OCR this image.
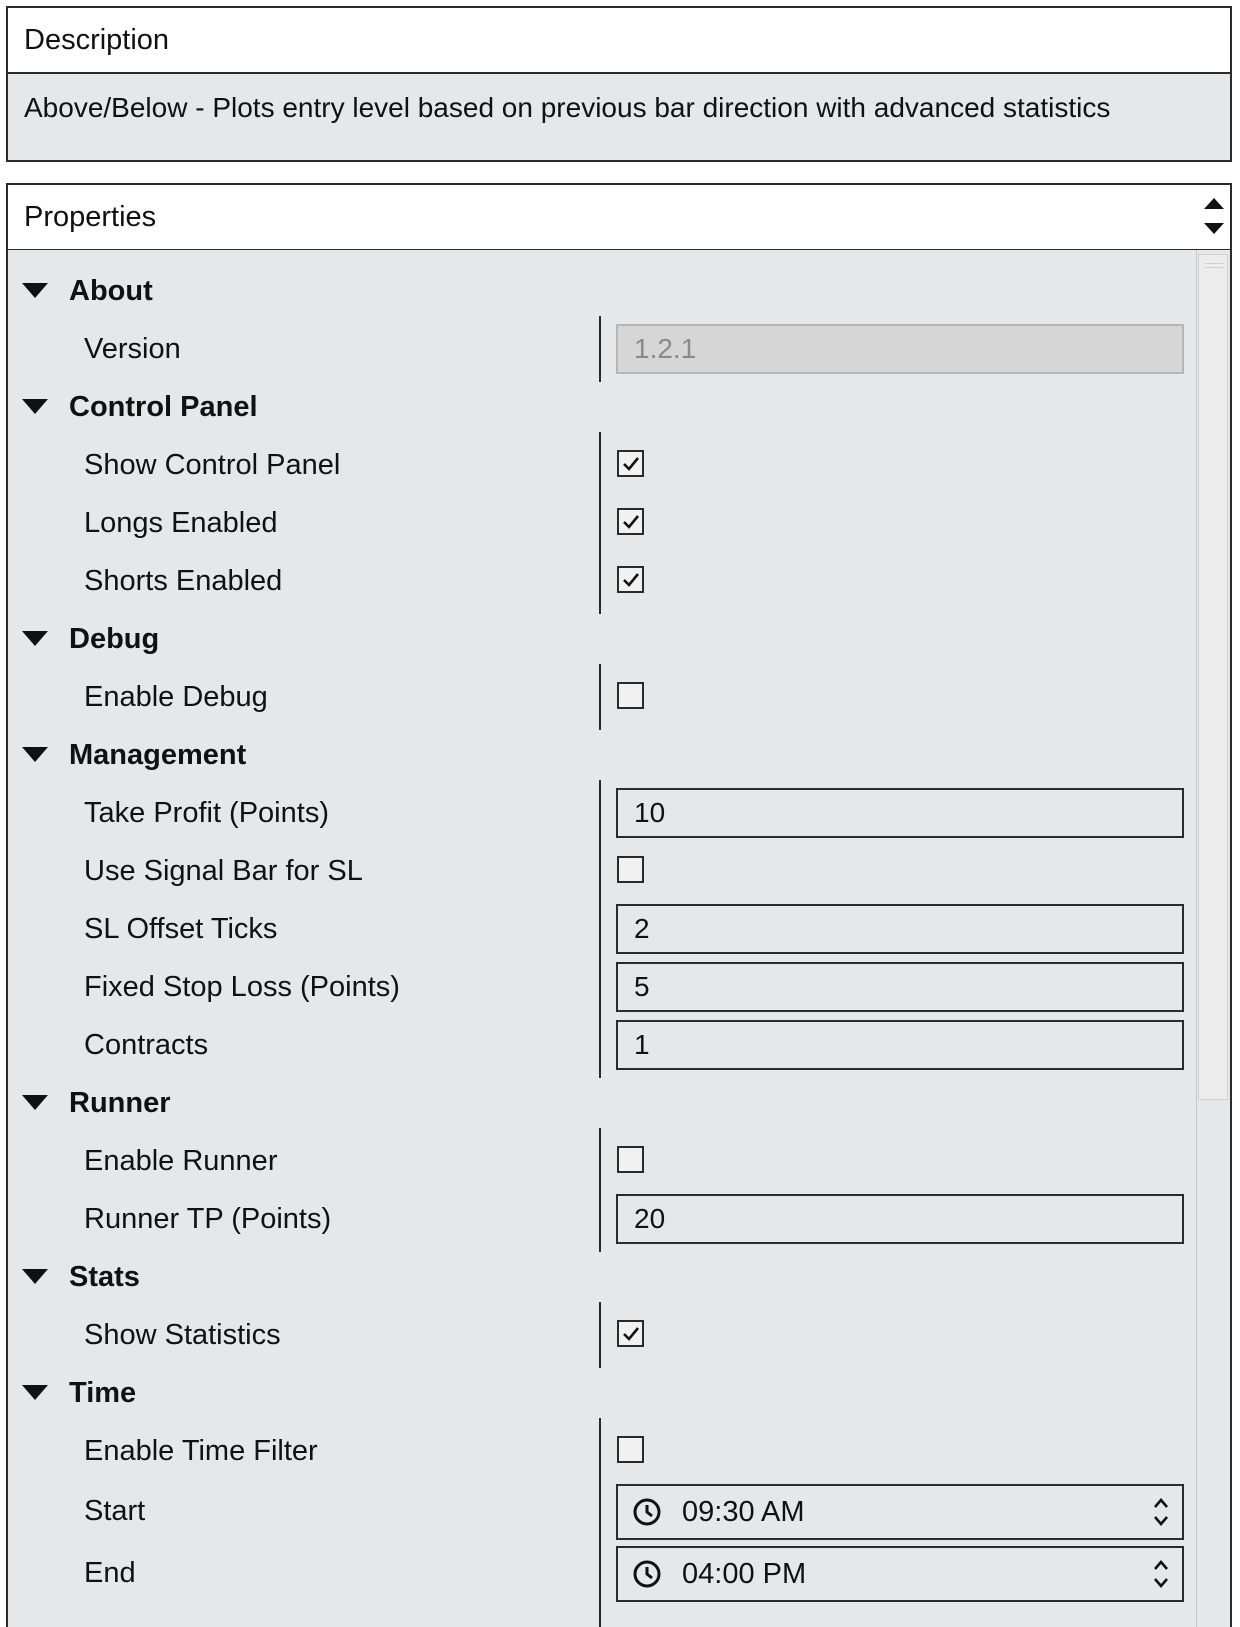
Description
Above/Below - Plots entry level based on previous bar direction with advanced statistics
Properties
About
Version	1.2.1
Control Panel
Show Control Panel
Longs Enabled
Shorts Enabled
Debug
Enable Debug
Management
Take Profit (Points)	10
Use Signal Bar for SL
SL Offset Ticks	2
Fixed Stop Loss (Points)	5
Contracts	1
Runner
Enable Runner
Runner TP (Points)	20
Stats
Show Statistics
Time
Enable Time Filter
Start	09:30 AM
End	04:00 PM
